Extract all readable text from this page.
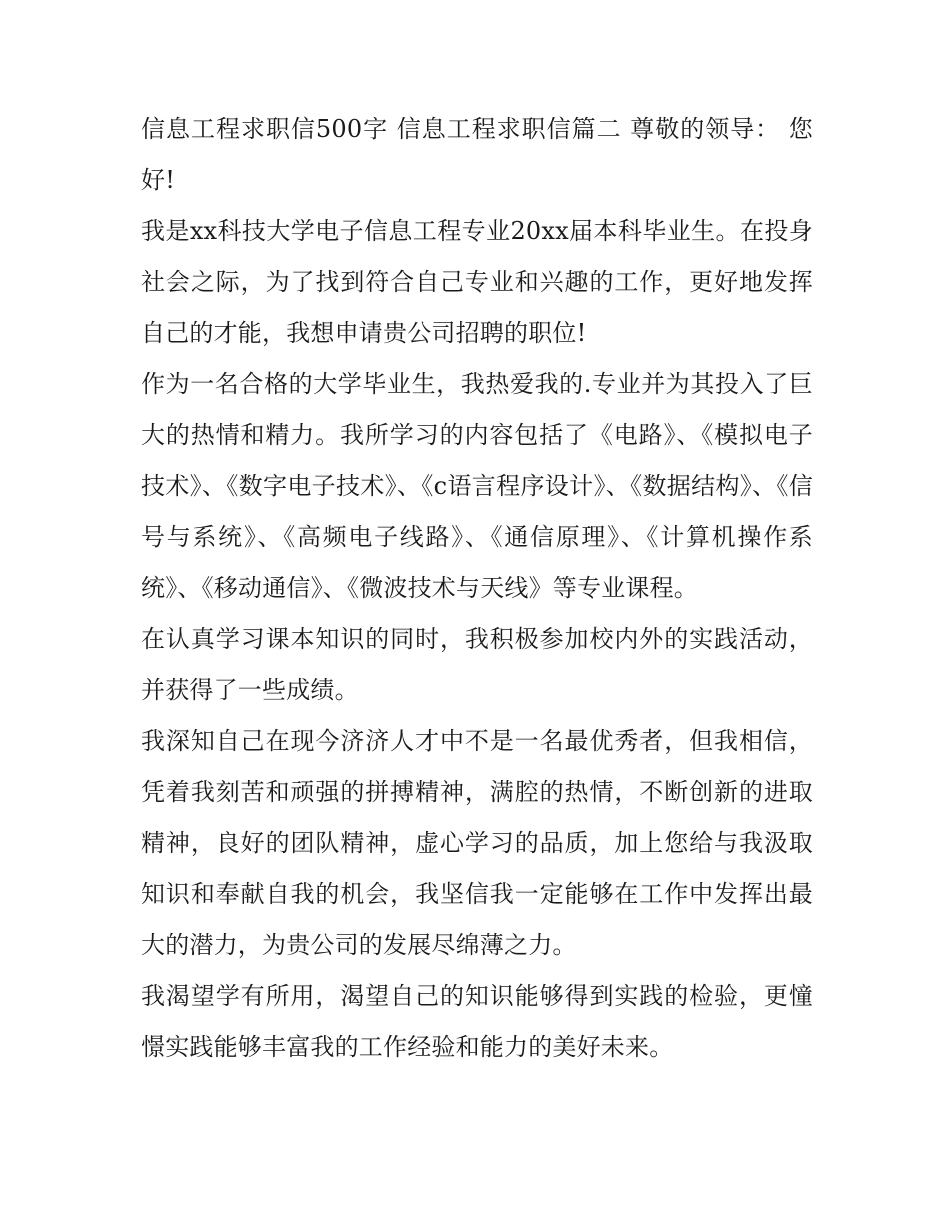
信息工程求职信500字 信息工程求职信篇二 尊敬的领导： 您好!

我是xx科技大学电子信息工程专业20xx届本科毕业生。在投身社会之际，为了找到符合自己专业和兴趣的工作，更好地发挥自己的才能，我想申请贵公司招聘的职位!

作为一名合格的大学毕业生，我热爱我的.专业并为其投入了巨大的热情和精力。我所学习的内容包括了《电路》、《模拟电子技术》、《数字电子技术》、《c语言程序设计》、《数据结构》、《信号与系统》、《高频电子线路》、《通信原理》、《计算机操作系统》、《移动通信》、《微波技术与天线》等专业课程。

在认真学习课本知识的同时，我积极参加校内外的实践活动，并获得了一些成绩。

我深知自己在现今济济人才中不是一名最优秀者，但我相信，凭着我刻苦和顽强的拼搏精神，满腔的热情，不断创新的进取精神，良好的团队精神，虚心学习的品质，加上您给与我汲取知识和奉献自我的机会，我坚信我一定能够在工作中发挥出最大的潜力，为贵公司的发展尽绵薄之力。

我渴望学有所用，渴望自己的知识能够得到实践的检验，更憧憬实践能够丰富我的工作经验和能力的美好未来。
